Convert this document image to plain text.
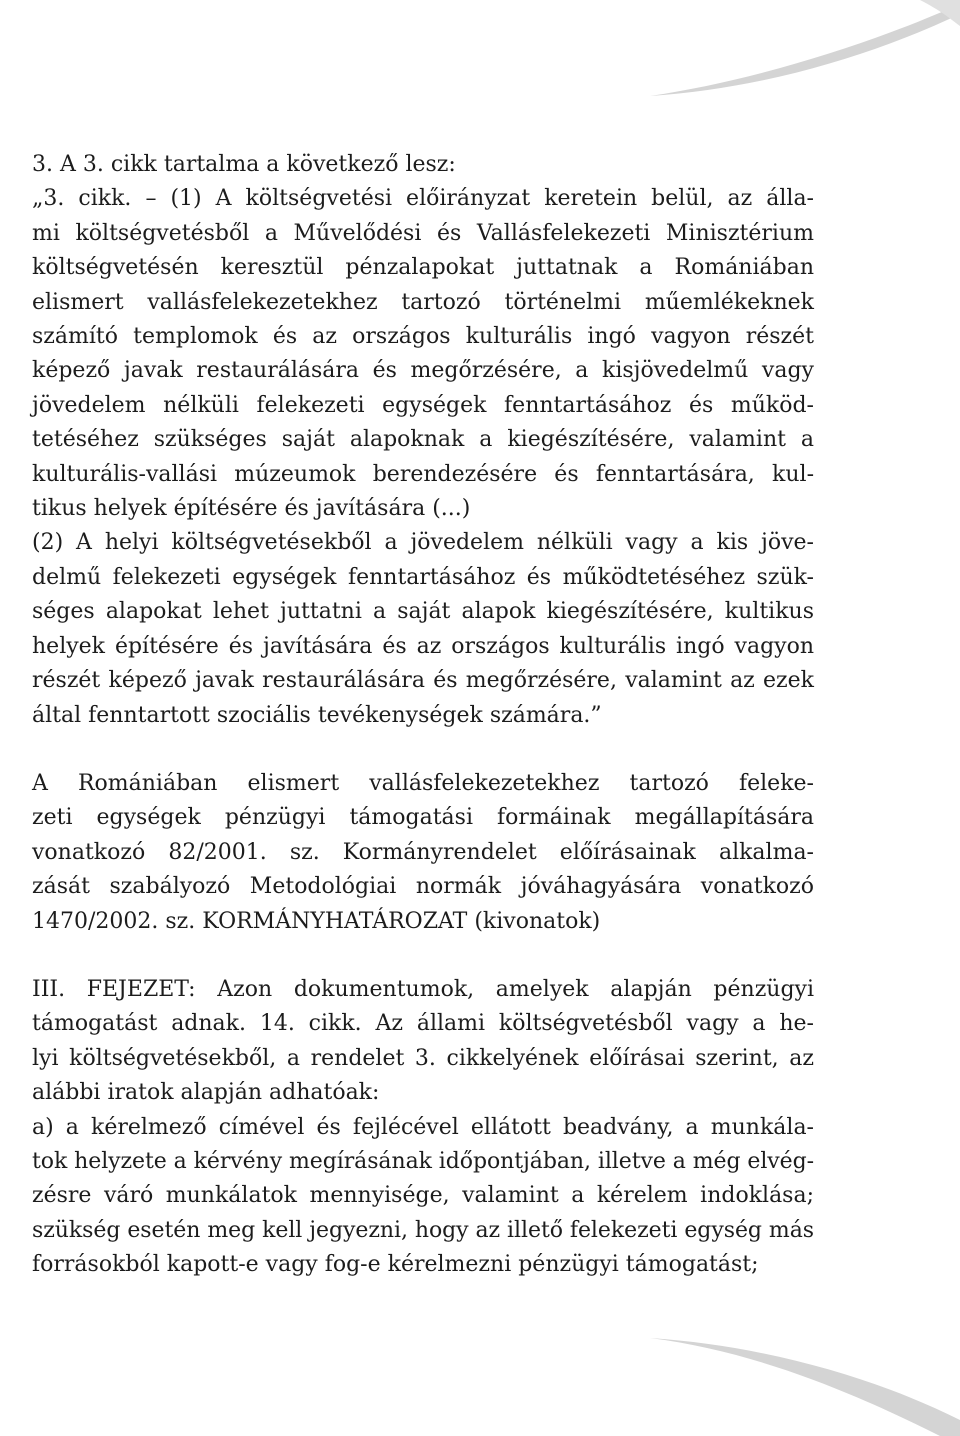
3. A 3. cikk tartalma a következő lesz:
„3. cikk. – (1) A költségvetési előirányzat keretein belül, az álla-
mi költségvetésből a Művelődési és Vallásfelekezeti Minisztérium
költségvetésén keresztül pénzalapokat juttatnak a Romániában
elismert vallásfelekezetekhez tartozó történelmi műemlékeknek
számító templomok és az országos kulturális ingó vagyon részét
képező javak restaurálására és megőrzésére, a kisjövedelmű vagy
jövedelem nélküli felekezeti egységek fenntartásához és működ-
tetéséhez szükséges saját alapoknak a kiegészítésére, valamint a
kulturális-vallási múzeumok berendezésére és fenntartására, kul-
tikus helyek építésére és javítására (...)
(2) A helyi költségvetésekből a jövedelem nélküli vagy a kis jöve-
delmű felekezeti egységek fenntartásához és működtetéséhez szük-
séges alapokat lehet juttatni a saját alapok kiegészítésére, kultikus
helyek építésére és javítására és az országos kulturális ingó vagyon
részét képező javak restaurálására és megőrzésére, valamint az ezek
által fenntartott szociális tevékenységek számára.”
A Romániában elismert vallásfelekezetekhez tartozó feleke-
zeti egységek pénzügyi támogatási formáinak megállapítására
vonatkozó 82/2001. sz. Kormányrendelet előírásainak alkalma-
zását szabályozó Metodológiai normák jóváhagyására vonatkozó
1470/2002. sz. KORMÁNYHATÁROZAT (kivonatok)
III. FEJEZET: Azon dokumentumok, amelyek alapján pénzügyi
támogatást adnak. 14. cikk. Az állami költségvetésből vagy a he-
lyi költségvetésekből, a rendelet 3. cikkelyének előírásai szerint, az
alábbi iratok alapján adhatóak:
a) a kérelmező címével és fejlécével ellátott beadvány, a munkála-
tok helyzete a kérvény megírásának időpontjában, illetve a még elvég-
zésre váró munkálatok mennyisége, valamint a kérelem indoklása;
szükség esetén meg kell jegyezni, hogy az illető felekezeti egység más
forrásokból kapott-e vagy fog-e kérelmezni pénzügyi támogatást;
